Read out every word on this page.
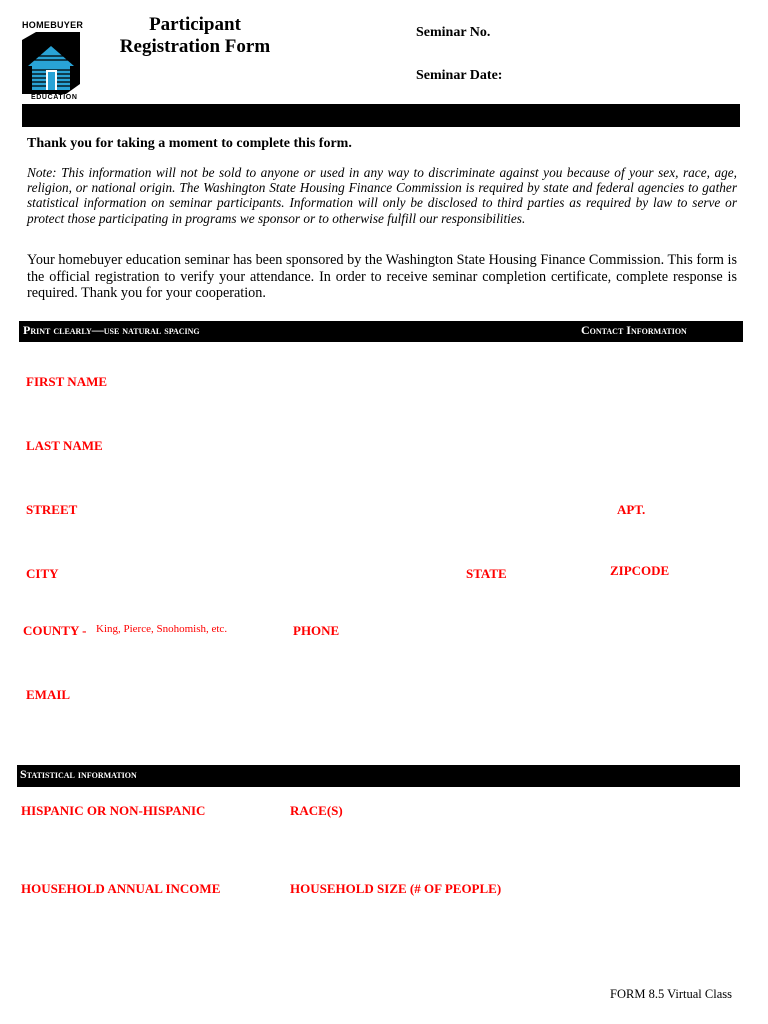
HOMEBUYER
EDUCATION
Participant
Registration Form
Seminar No.
Seminar Date:
Thank you for taking a moment to complete this form.
Note: This information will not be sold to anyone or used in any way to discriminate against you because of your sex, race, age, religion, or national origin. The Washington State Housing Finance Commission is required by state and federal agencies to gather statistical information on seminar participants. Information will only be disclosed to third parties as required by law to serve or protect those participating in programs we sponsor or to otherwise fulfill our responsibilities.
Your homebuyer education seminar has been sponsored by the Washington State Housing Finance Commission. This form is the official registration to verify your attendance. In order to receive seminar completion certificate, complete response is required. Thank you for your cooperation.
Print clearly—use natural spacing	Contact Information
FIRST NAME
LAST NAME
STREET	APT.
CITY	STATE	ZIPCODE
COUNTY - King, Pierce, Snohomish, etc.	PHONE
EMAIL
Statistical information
HISPANIC OR NON-HISPANIC	RACE(S)
HOUSEHOLD ANNUAL INCOME	HOUSEHOLD SIZE (# OF PEOPLE)
FORM 8.5 Virtual Class
